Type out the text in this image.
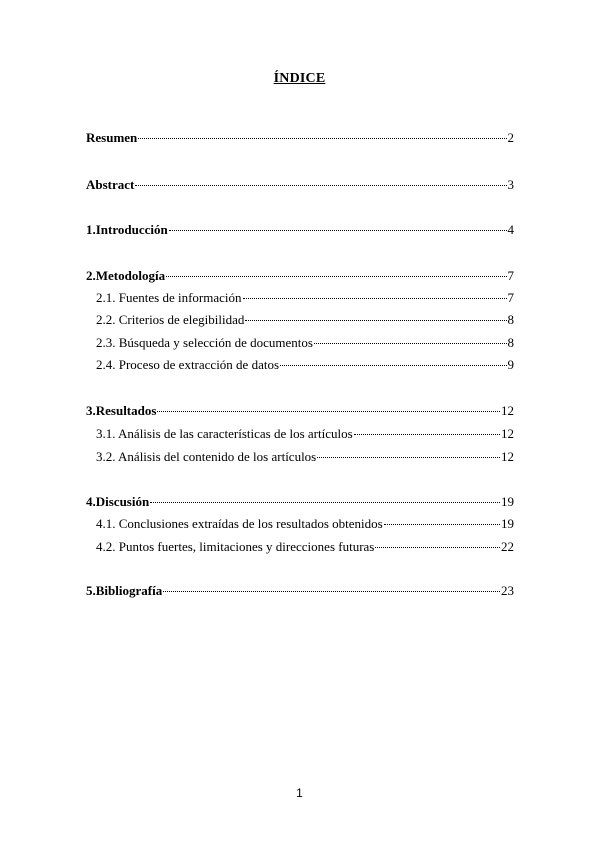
ÍNDICE
Resumen	2
Abstract	3
1.Introducción	4
2.Metodología	7
2.1. Fuentes de información	7
2.2. Criterios de elegibilidad	8
2.3. Búsqueda y selección de documentos	8
2.4. Proceso de extracción de datos	9
3.Resultados	12
3.1. Análisis de las características de los artículos	12
3.2. Análisis del contenido de los artículos	12
4.Discusión	19
4.1. Conclusiones extraídas de los resultados obtenidos	19
4.2. Puntos fuertes, limitaciones y direcciones futuras	22
5.Bibliografía	23
1
